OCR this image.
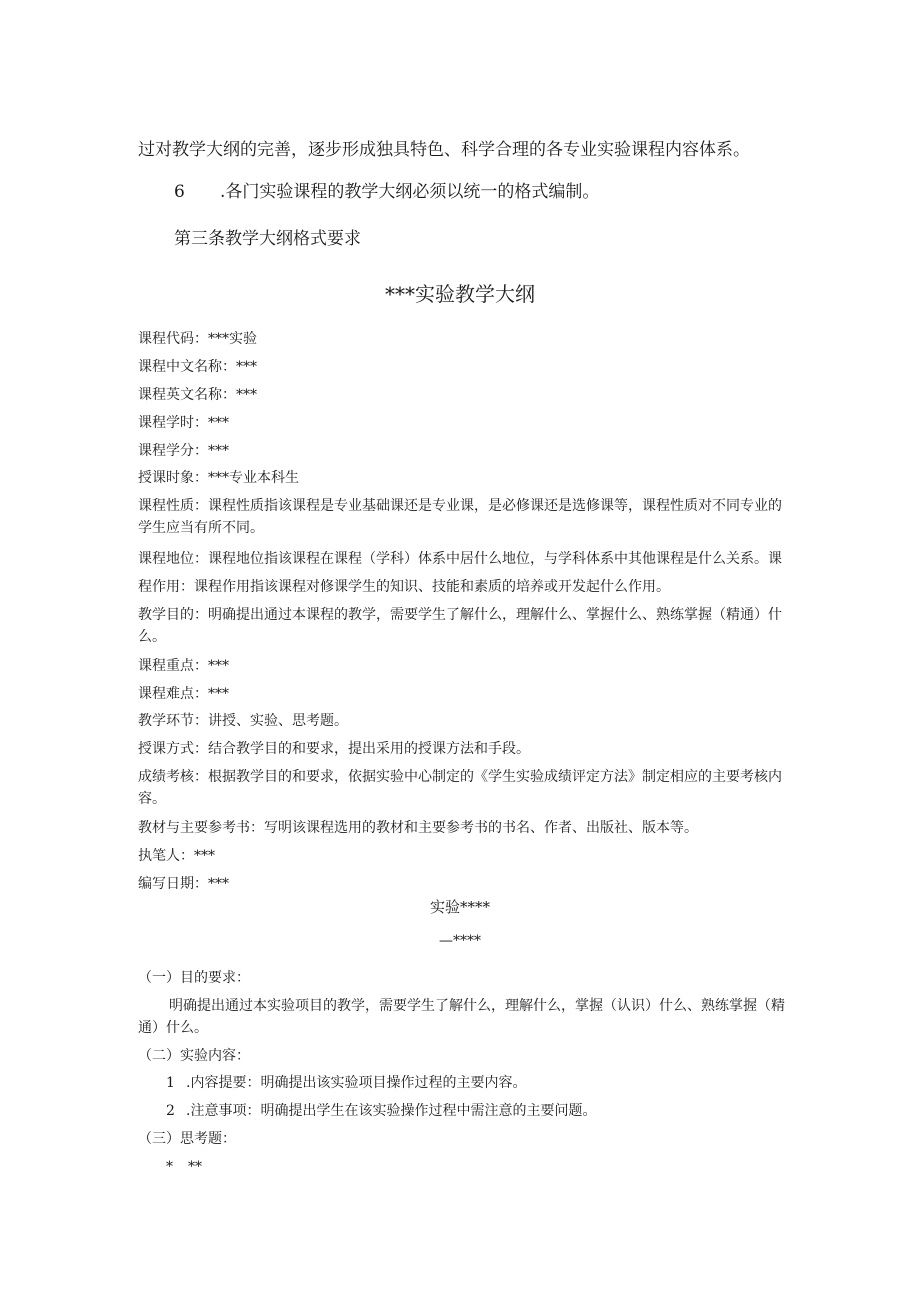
过对教学大纲的完善，逐步形成独具特色、科学合理的各专业实验课程内容体系。
6 .各门实验课程的教学大纲必须以统一的格式编制。
第三条教学大纲格式要求
***实验教学大纲
课程代码：***实验
课程中文名称：***
课程英文名称：***
课程学时：***
课程学分：***
授课时象：***专业本科生
课程性质：课程性质指该课程是专业基础课还是专业课，是必修课还是选修课等，课程性质对不同专业的
学生应当有所不同。
课程地位：课程地位指该课程在课程（学科）体系中居什么地位，与学科体系中其他课程是什么关系。课
程作用：课程作用指该课程对修课学生的知识、技能和素质的培养或开发起什么作用。
教学目的：明确提出通过本课程的教学，需要学生了解什么，理解什么、掌握什么、熟练掌握（精通）什
么。
课程重点：***
课程难点：***
教学环节：讲授、实验、思考题。
授课方式：结合教学目的和要求，提出采用的授课方法和手段。
成绩考核：根据教学目的和要求，依据实验中心制定的《学生实验成绩评定方法》制定相应的主要考核内
容。
教材与主要参考书：写明该课程选用的教材和主要参考书的书名、作者、出版社、版本等。
执笔人：***
编写日期：***
实验****
—****
（一）目的要求：
明确提出通过本实验项目的教学，需要学生了解什么，理解什么，掌握（认识）什么、熟练掌握（精
通）什么。
（二）实验内容：
1 .内容提要：明确提出该实验项目操作过程的主要内容。
2 .注意事项：明确提出学生在该实验操作过程中需注意的主要问题。
（三）思考题：
* **
